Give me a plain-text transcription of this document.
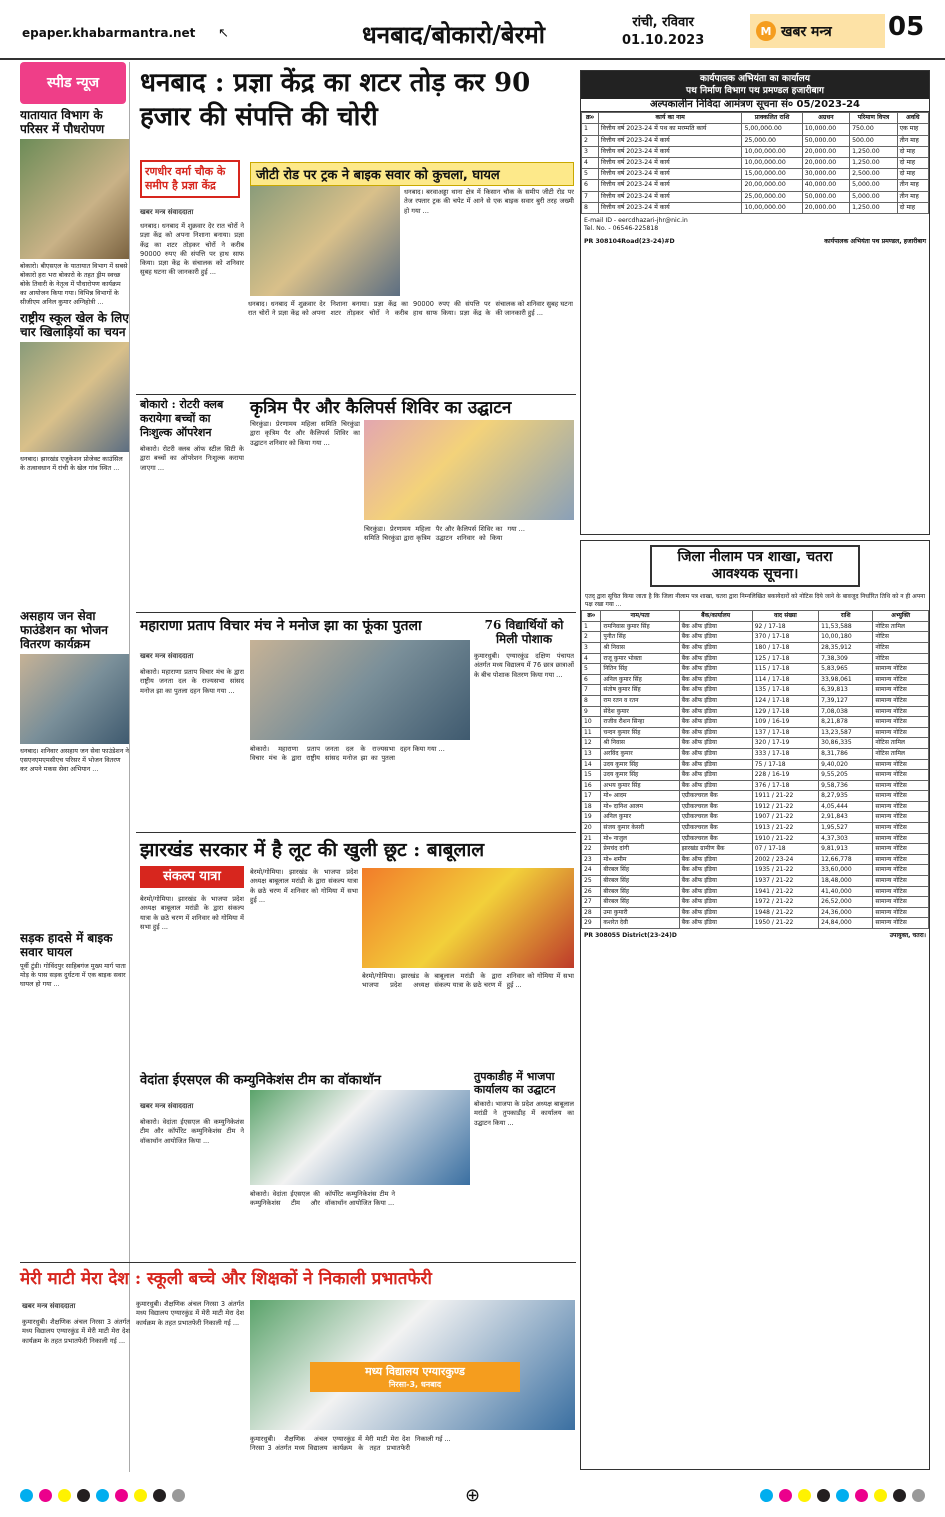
epaper.khabarmantra.net ↖	धनबाद/बोकारो/बेरमो	रांची, रविवार
01.10.2023
M खबर मन्त्र 05
स्पीड न्यूज
यातायात विभाग के परिसर में पौधरोपण
बोकारो। बीएसएल के यातायात विभाग में सबसे बोकारो हरा भरा बोकारो के तहत ड्रीम स्वच्छ बोके तिवारी के नेतृत्व में पौधारोपण कार्यक्रम का आयोजन किया गया। विभिन्न विभागों के सीजीएम अनिल कुमार अग्निहोत्री ...
राष्ट्रीय स्कूल खेल के लिए चार खिलाड़ियों का चयन
धनबाद। झारखंड एजुकेशन प्रोजेक्ट काउंसिल के तत्वावधान में रांची के खेल गांव स्थित ...
असहाय जन सेवा फाउंडेशन का भोजन वितरण कार्यक्रम
धनबाद। शनिवार असहाय जन सेवा फाउंडेशन ने एसएनएमएमसीएच परिसर में भोजन वितरण कर अपने मकस सेवा अभियान ...
सड़क हादसे में बाइक सवार घायल
पूर्वी टुंडी। गोविंदपुर साहिबगंज मुख्य मार्ग पाता मोड़ के पास सड़क दुर्घटना में एक बाइक सवार घायल हो गया ...
धनबाद : प्रज्ञा केंद्र का शटर तोड़ कर 90 हजार की संपत्ति की चोरी
रणधीर वर्मा चौक के समीप है प्रज्ञा केंद्र
खबर मन्त्र संवाददाता
धनबाद। धनबाद में शुक्रवार देर रात चोरों ने प्रज्ञा केंद्र को अपना निशाना बनाया। प्रज्ञा केंद्र का शटर तोड़कर चोरों ने करीब 90000 रुपए की संपत्ति पर हाथ साफ किया। प्रज्ञा केंद्र के संचालक को शनिवार सुबह घटना की जानकारी हुई ...
धनबाद। धनबाद में शुक्रवार देर रात चोरों ने प्रज्ञा केंद्र को अपना निशाना बनाया। प्रज्ञा केंद्र का शटर तोड़कर चोरों ने करीब 90000 रुपए की संपत्ति पर हाथ साफ किया। प्रज्ञा केंद्र के संचालक को शनिवार सुबह घटना की जानकारी हुई ...
जीटी रोड पर ट्रक ने बाइक सवार को कुचला, घायल
धनबाद। बरवाअड्डा थाना क्षेत्र में किसान चौक के समीप जीटी रोड पर तेज रफ्तार ट्रक की चपेट में आने से एक बाइक सवार बुरी तरह जख्मी हो गया ...
बोकारो : रोटरी क्लब करायेगा बच्चों का निःशुल्क ऑपरेशन
बोकारो। रोटरी क्लब ऑफ स्टील सिटी के द्वारा बच्चों का ऑपरेशन निःशुल्क कराया जाएगा ...
कृत्रिम पैर और कैलिपर्स शिविर का उद्घाटन
चिरकुंडा। प्रेरणामय महिला समिति चिरकुंडा द्वारा कृत्रिम पैर और कैलिपर्स शिविर का उद्घाटन शनिवार को किया गया ...
चिरकुंडा। प्रेरणामय महिला समिति चिरकुंडा द्वारा कृत्रिम पैर और कैलिपर्स शिविर का उद्घाटन शनिवार को किया गया ...
महाराणा प्रताप विचार मंच ने मनोज झा का फूंका पुतला
खबर मन्त्र संवाददाता
बोकारो। महाराणा प्रताप विचार मंच के द्वारा राष्ट्रीय जनता दल के राज्यसभा सांसद मनोज झा का पुतला दहन किया गया ...
बोकारो। महाराणा प्रताप विचार मंच के द्वारा राष्ट्रीय जनता दल के राज्यसभा सांसद मनोज झा का पुतला दहन किया गया ...
76 विद्यार्थियों को मिली पोशाक
कुमारधुबी। एग्यारकुंड दक्षिण पंचायत अंतर्गत मध्य विद्यालय में 76 छात्र छात्राओं के बीच पोशाक वितरण किया गया ...
झारखंड सरकार में है लूट की खुली छूट : बाबूलाल
संकल्प यात्रा
बेरमो/गोमिया। झारखंड के भाजपा प्रदेश अध्यक्ष बाबूलाल मरांडी के द्वारा संकल्प यात्रा के छठे चरण में शनिवार को गोमिया में सभा हुई ...
बेरमो/गोमिया। झारखंड के भाजपा प्रदेश अध्यक्ष बाबूलाल मरांडी के द्वारा संकल्प यात्रा के छठे चरण में शनिवार को गोमिया में सभा हुई ...
बेरमो/गोमिया। झारखंड के भाजपा प्रदेश अध्यक्ष बाबूलाल मरांडी के द्वारा संकल्प यात्रा के छठे चरण में शनिवार को गोमिया में सभा हुई ...
वेदांता ईएसएल की कम्युनिकेशंस टीम का वॉकाथॉन
खबर मन्त्र संवाददाता
बोकारो। वेदांता ईएसएल की कम्युनिकेशंस टीम और कॉर्पोरेट कम्युनिकेशंस टीम ने वॉकाथॉन आयोजित किया ...
बोकारो। वेदांता ईएसएल की कम्युनिकेशंस टीम और कॉर्पोरेट कम्युनिकेशंस टीम ने वॉकाथॉन आयोजित किया ...
तुपकाडीह में भाजपा कार्यालय का उद्घाटन
बोकारो। भाजपा के प्रदेश अध्यक्ष बाबूलाल मरांडी ने तुपकाडीह में कार्यालय का उद्घाटन किया ...
मेरी माटी मेरा देश : स्कूली बच्चे और शिक्षकों ने निकाली प्रभातफेरी
खबर मन्त्र संवाददाता
कुमारधुबी। शैक्षणिक अंचल निरसा 3 अंतर्गत मध्य विद्यालय एग्यारकुंड में मेरी माटी मेरा देश कार्यक्रम के तहत प्रभातफेरी निकाली गई ...
कुमारधुबी। शैक्षणिक अंचल निरसा 3 अंतर्गत मध्य विद्यालय एग्यारकुंड में मेरी माटी मेरा देश कार्यक्रम के तहत प्रभातफेरी निकाली गई ...
मध्य विद्यालय एग्यारकुण्ड
निरसा-3, धनबाद
कुमारधुबी। शैक्षणिक अंचल निरसा 3 अंतर्गत मध्य विद्यालय एग्यारकुंड में मेरी माटी मेरा देश कार्यक्रम के तहत प्रभातफेरी निकाली गई ...
कार्यपालक अभियंता का कार्यालय
पथ निर्माण विभाग पथ प्रमण्डल हजारीबाग
अल्पकालीन निविदा आमंत्रण सूचना सं० 05/2023-24
क्र०	कार्य का नाम	प्राक्कलित राशि	अग्रधन	परिमाण विपत्र	अवधि
1	वित्तीय वर्ष 2023-24 में पथ का मरम्मति कार्य	5,00,000.00	10,000.00	750.00	एक माह
2	वित्तीय वर्ष 2023-24 में कार्य	25,000.00	50,000.00	500.00	तीन माह
3	वित्तीय वर्ष 2023-24 में कार्य	10,00,000.00	20,000.00	1,250.00	दो माह
4	वित्तीय वर्ष 2023-24 में कार्य	10,00,000.00	20,000.00	1,250.00	दो माह
5	वित्तीय वर्ष 2023-24 में कार्य	15,00,000.00	30,000.00	2,500.00	दो माह
6	वित्तीय वर्ष 2023-24 में कार्य	20,00,000.00	40,000.00	5,000.00	तीन माह
7	वित्तीय वर्ष 2023-24 में कार्य	25,00,000.00	50,000.00	5,000.00	तीन माह
8	वित्तीय वर्ष 2023-24 में कार्य	10,00,000.00	20,000.00	1,250.00	दो माह
E-mail ID - eercdhazari-jhr@nic.in
Tel. No. - 06546-225818
PR 308104Road(23-24)#D	कार्यपालक अभियंता पथ प्रमण्डल, हजारीबाग
जिला नीलाम पत्र शाखा, चतरा आवश्यक सूचना।
एतद् द्वारा सूचित किया जाता है कि जिला नीलाम पत्र शाखा, चतरा द्वारा निम्नलिखित बकायेदारों को नोटिस दिये जाने के बावजूद निर्धारित तिथि को न ही अपना पक्ष रखा गया ...
क्र०	नाम/पता	बैंक/कार्यालय	वाद संख्या	राशि	अभ्युक्ति
1	रामनिवास कुमार सिंह	बैंक ऑफ इंडिया	92 / 17-18	11,53,588	नोटिस तामिल
2	पुनीत सिंह	बैंक ऑफ इंडिया	370 / 17-18	10,00,180	नोटिस
3	श्री निवास	बैंक ऑफ इंडिया	180 / 17-18	28,35,912	नोटिस
4	राजू कुमार भोक्ता	बैंक ऑफ इंडिया	125 / 17-18	7,38,309	नोटिस
5	नितिन सिंह	बैंक ऑफ इंडिया	115 / 17-18	5,83,965	सामान्य नोटिस
6	अनिल कुमार सिंह	बैंक ऑफ इंडिया	114 / 17-18	33,98,061	सामान्य नोटिस
7	संतोष कुमार सिंह	बैंक ऑफ इंडिया	135 / 17-18	6,39,813	सामान्य नोटिस
8	राम रतन व रतन	बैंक ऑफ इंडिया	124 / 17-18	7,39,127	सामान्य नोटिस
9	सेंदेश कुमार	बैंक ऑफ इंडिया	129 / 17-18	7,08,038	सामान्य नोटिस
10	राजीव रौशन सिन्हा	बैंक ऑफ इंडिया	109 / 16-19	8,21,878	सामान्य नोटिस
11	चन्दन कुमार सिंह	बैंक ऑफ इंडिया	137 / 17-18	13,23,587	सामान्य नोटिस
12	श्री निवास	बैंक ऑफ इंडिया	320 / 17-19	30,86,335	नोटिस तामिल
13	अरविंद कुमार	बैंक ऑफ इंडिया	333 / 17-18	8,31,786	नोटिस तामिल
14	उदय कुमार सिंह	बैंक ऑफ इंडिया	75 / 17-18	9,40,020	सामान्य नोटिस
15	उदय कुमार सिंह	बैंक ऑफ इंडिया	228 / 16-19	9,55,205	सामान्य नोटिस
16	अभय कुमार सिंह	बैंक ऑफ इंडिया	376 / 17-18	9,58,736	सामान्य नोटिस
17	मो० आदम	एग्रीकल्चरल बैंक	1911 / 21-22	8,27,935	सामान्य नोटिस
18	मो० दानिश आलम	एग्रीकल्चरल बैंक	1912 / 21-22	4,05,444	सामान्य नोटिस
19	अनिल कुमार	एग्रीकल्चरल बैंक	1907 / 21-22	2,91,843	सामान्य नोटिस
20	संजय कुमार केसरी	एग्रीकल्चरल बैंक	1913 / 21-22	1,95,527	सामान्य नोटिस
21	मो० नाजुल	एग्रीकल्चरल बैंक	1910 / 21-22	4,37,303	सामान्य नोटिस
22	प्रेमचंद दांगी	झारखंड ग्रामीण बैंक	07 / 17-18	9,81,913	सामान्य नोटिस
23	मो० शमीम	बैंक ऑफ इंडिया	2002 / 23-24	12,66,778	सामान्य नोटिस
24	बीरबल सिंह	बैंक ऑफ इंडिया	1935 / 21-22	33,60,000	सामान्य नोटिस
25	बीरबल सिंह	बैंक ऑफ इंडिया	1937 / 21-22	18,48,000	सामान्य नोटिस
26	बीरबल सिंह	बैंक ऑफ इंडिया	1941 / 21-22	41,40,000	सामान्य नोटिस
27	बीरबल सिंह	बैंक ऑफ इंडिया	1972 / 21-22	26,52,000	सामान्य नोटिस
28	उमा कुमारी	बैंक ऑफ इंडिया	1948 / 21-22	24,36,000	सामान्य नोटिस
29	कशरेत देवी	बैंक ऑफ इंडिया	1950 / 21-22	24,84,000	सामान्य नोटिस
PR 308055 District(23-24)D	उपायुक्त, चतरा।
⊕
